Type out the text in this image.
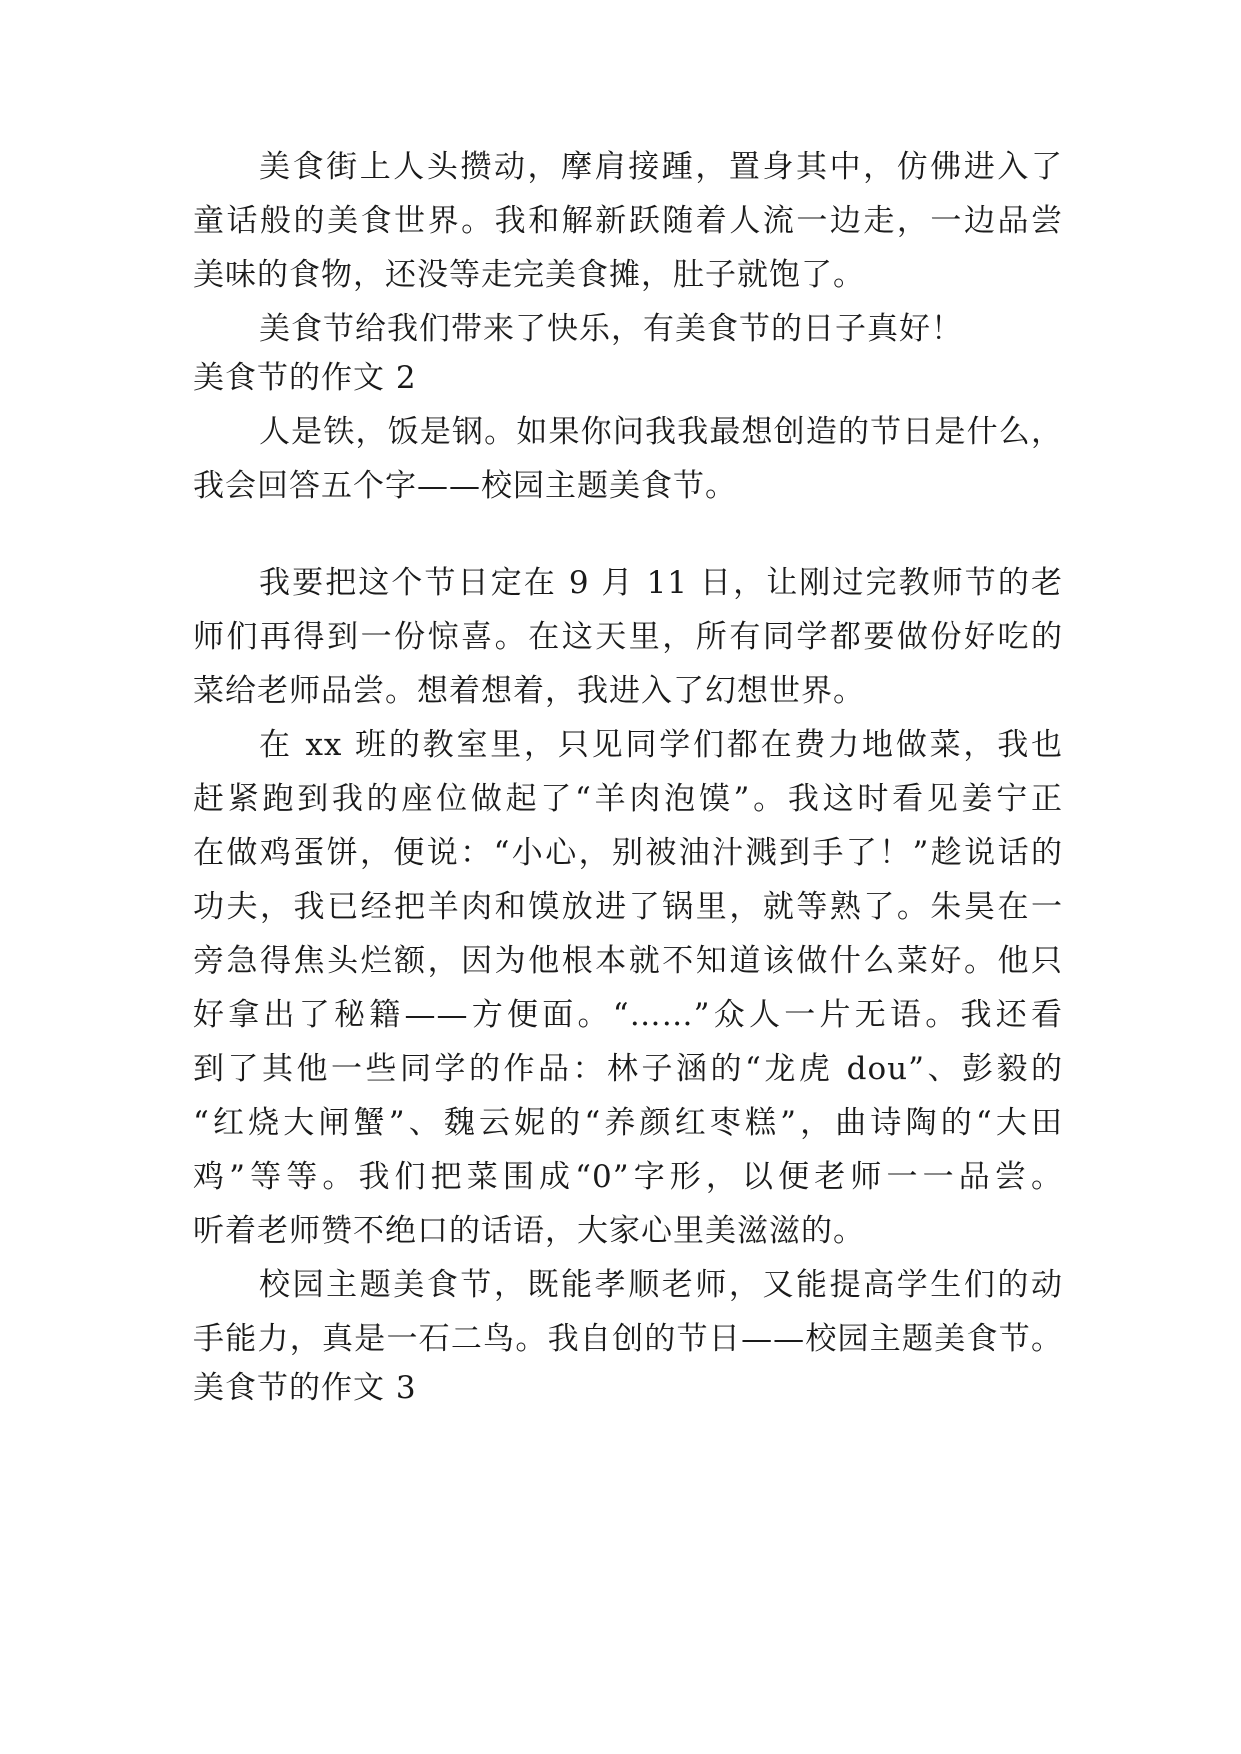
美食街上人头攒动，摩肩接踵，置身其中，仿佛进入了
童话般的美食世界。我和解新跃随着人流一边走，一边品尝
美味的食物，还没等走完美食摊，肚子就饱了。
美食节给我们带来了快乐，有美食节的日子真好！
美食节的作文 2
人是铁，饭是钢。如果你问我我最想创造的节日是什么，
我会回答五个字——校园主题美食节。
我要把这个节日定在 9 月 11 日，让刚过完教师节的老
师们再得到一份惊喜。在这天里，所有同学都要做份好吃的
菜给老师品尝。想着想着，我进入了幻想世界。
在 xx 班的教室里，只见同学们都在费力地做菜，我也
赶紧跑到我的座位做起了“羊肉泡馍”。我这时看见姜宁正
在做鸡蛋饼，便说：“小心，别被油汁溅到手了！”趁说话的
功夫，我已经把羊肉和馍放进了锅里，就等熟了。朱昊在一
旁急得焦头烂额，因为他根本就不知道该做什么菜好。他只
好拿出了秘籍——方便面。“……”众人一片无语。我还看
到了其他一些同学的作品：林子涵的“龙虎 dou”、彭毅的
“红烧大闸蟹”、魏云妮的“养颜红枣糕”，曲诗陶的“大田
鸡”等等。我们把菜围成“0”字形，以便老师一一品尝。
听着老师赞不绝口的话语，大家心里美滋滋的。
校园主题美食节，既能孝顺老师，又能提高学生们的动
手能力，真是一石二鸟。我自创的节日——校园主题美食节。
美食节的作文 3
